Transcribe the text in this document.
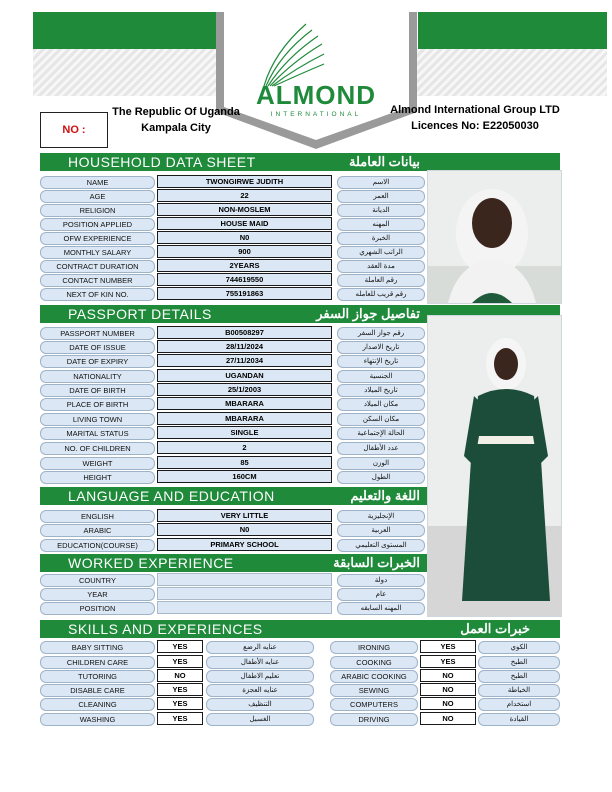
ALMOND
INTERNATIONAL
NO :
The Republic Of Uganda
Kampala City
Almond International Group LTD
Licences No: E22050030
HOUSEHOLD DATA SHEET	بيانات العاملة
PASSPORT DETAILS	تفاصيل جواز السفر
LANGUAGE AND EDUCATION	اللغة والتعليم
WORKED EXPERIENCE	الخبرات السابقة
SKILLS AND EXPERIENCES	خبرات العمل
NAME	TWONGIRWE JUDITH	الاسم
AGE	22	العمر
RELIGION	NON-MOSLEM	الديانة
POSITION APPLIED	HOUSE MAID	المهنه
OFW EXPERIENCE	N0	الخبرة
MONTHLY SALARY	900	الراتب الشهري
CONTRACT DURATION	2YEARS	مدة العقد
CONTACT NUMBER	744619550	رقم العاملة
NEXT OF KIN NO.	755191863	رقم قريب للعامله
PASSPORT NUMBER	B00508297	رقم جواز السفر
DATE OF ISSUE	28/11/2024	تاريخ الاصدار
DATE OF EXPIRY	27/11/2034	تاريخ الإنتهاء
NATIONALITY	UGANDAN	الجنسية
DATE OF BIRTH	25/1/2003	تاريخ الميلاد
PLACE OF BIRTH	MBARARA	مكان الميلاد
LIVING TOWN	MBARARA	مكان السكن
MARITAL STATUS	SINGLE	الحالة الإجتماعية
NO. OF CHILDREN	2	عدد الأطفال
WEIGHT	85	الوزن
HEIGHT	160CM	الطول
ENGLISH	VERY LITTLE	الإنجليزية
ARABIC	N0	العربية
EDUCATION(COURSE)	PRIMARY SCHOOL	المستوى التعليمي
COUNTRY	دولة
YEAR	عام
POSITION	المهنه السابقه
BABY SITTING	YES	عنايه الرضع
CHILDREN CARE	YES	عنايه الأطفال
TUTORING	NO	تعليم الاطفال
DISABLE CARE	YES	عنايه العجزة
CLEANING	YES	التنظيف
WASHING	YES	الغسيل
IRONING	YES	الكوي
COOKING	YES	الطبخ
ARABIC COOKING	NO	الطبخ
SEWING	NO	الخياطة
COMPUTERS	NO	استخدام
DRIVING	NO	القيادة
